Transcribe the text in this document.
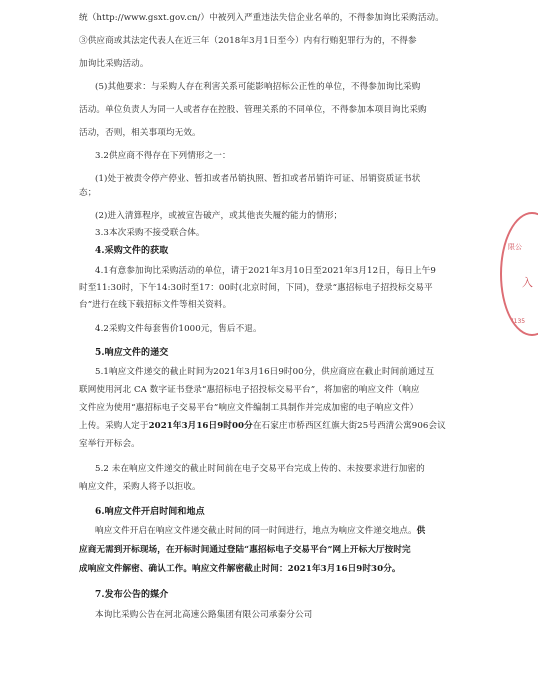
统（http://www.gsxt.gov.cn/）中被列入严重违法失信企业名单的，不得参加询比采购活动。
③供应商或其法定代表人在近三年（2018年3月1日至今）内有行贿犯罪行为的，不得参
加询比采购活动。
(5)其他要求：与采购人存在利害关系可能影响招标公正性的单位，不得参加询比采购
活动。单位负责人为同一人或者存在控股、管理关系的不同单位，不得参加本项目询比采购
活动，否则，相关事项均无效。
3.2供应商不得存在下列情形之一：
(1)处于被责令停产停业、暂扣或者吊销执照、暂扣或者吊销许可证、吊销资质证书状
态；
(2)进入清算程序，或被宣告破产，或其他丧失履约能力的情形；
3.3本次采购不接受联合体。
4.采购文件的获取
4.1有意参加询比采购活动的单位，请于2021年3月10日至2021年3月12日，每日上午9
时至11:30时，下午14:30时至17：00时(北京时间，下同)，登录“惠招标电子招投标交易平
台”进行在线下载招标文件等相关资料。
4.2采购文件每套售价1000元，售后不退。
5.响应文件的递交
5.1响应文件递交的截止时间为2021年3月16日9时00分，供应商应在截止时间前通过互
联网使用河北 CA 数字证书登录“惠招标电子招投标交易平台”，将加密的响应文件（响应
文件应为使用“惠招标电子交易平台”响应文件编制工具制作并完成加密的电子响应文件）
上传。采购人定于2021年3月16日9时00分在石家庄市桥西区红旗大街25号西清公寓906会议
室举行开标会。
5.2 未在响应文件递交的截止时间前在电子交易平台完成上传的、未按要求进行加密的
响应文件，采购人将予以拒收。
6.响应文件开启时间和地点
响应文件开启在响应文件递交截止时间的同一时间进行，地点为响应文件递交地点。供
应商无需到开标现场，在开标时间通过登陆“惠招标电子交易平台”网上开标大厅按时完
成响应文件解密、确认工作。响应文件解密截止时间：2021年3月16日9时30分。
7.发布公告的媒介
本询比采购公告在河北高速公路集团有限公司承秦分公司
限公
入
37135
